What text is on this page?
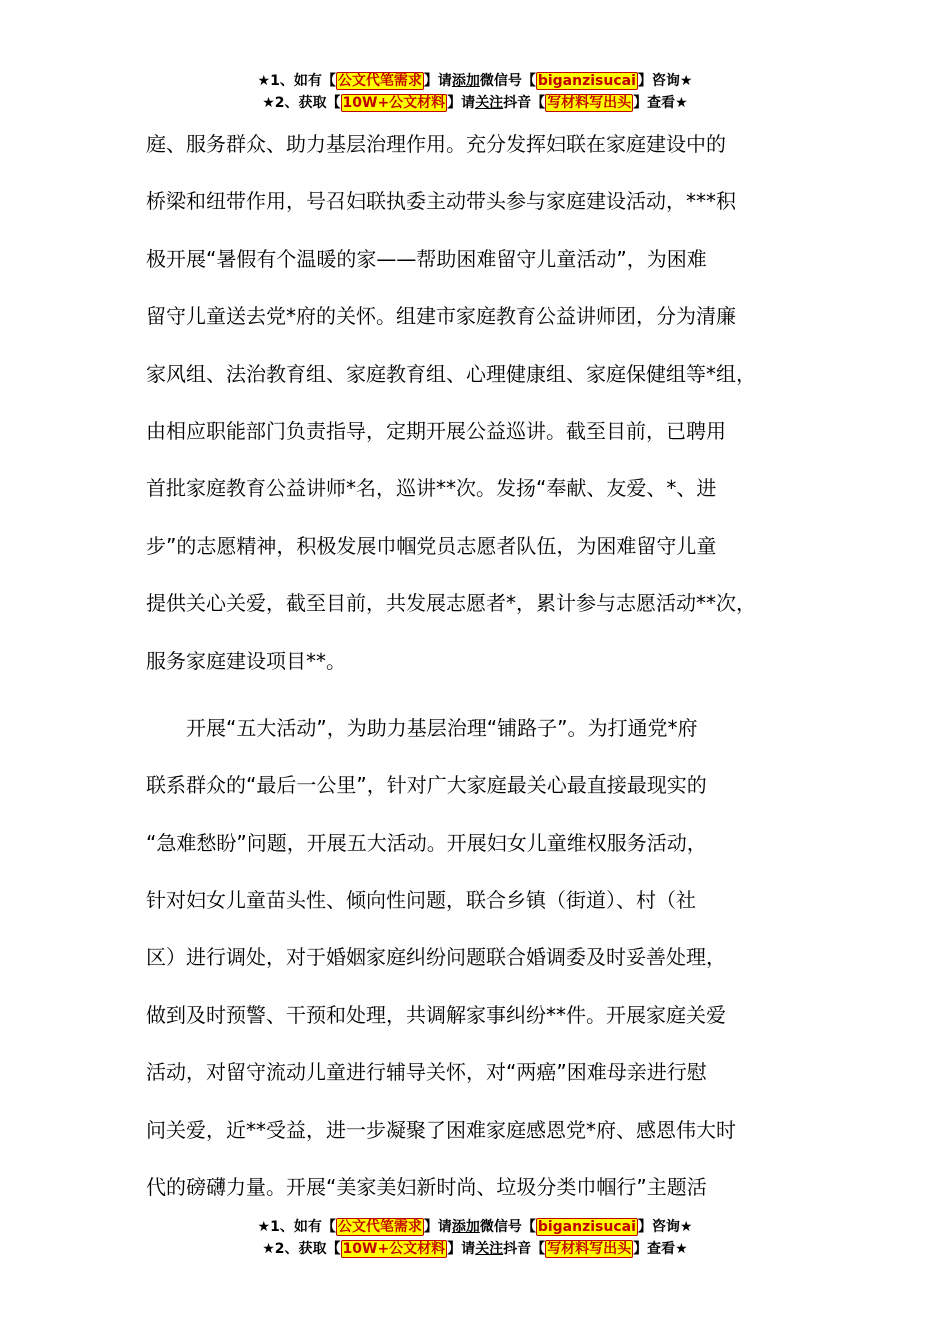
★1、如有【 公文代笔需求 】请添加微信号【 biganzisucai 】咨询★
★2、获取【 10W+公文材料 】请关注抖音【 写材料写出头 】查看★
庭、服务群众、助力基层治理作用。充分发挥妇联在家庭建设中的
桥梁和纽带作用，号召妇联执委主动带头参与家庭建设活动，***积
极开展“暑假有个温暖的家——帮助困难留守儿童活动”，为困难
留守儿童送去党*府的关怀。组建市家庭教育公益讲师团，分为清廉
家风组、法治教育组、家庭教育组、心理健康组、家庭保健组等*组，
由相应职能部门负责指导，定期开展公益巡讲。截至目前，已聘用
首批家庭教育公益讲师*名，巡讲**次。发扬“奉献、友爱、*、进
步”的志愿精神，积极发展巾帼党员志愿者队伍，为困难留守儿童
提供关心关爱，截至目前，共发展志愿者*，累计参与志愿活动**次，
服务家庭建设项目**。
　　开展“五大活动”，为助力基层治理“铺路子”。为打通党*府
联系群众的“最后一公里”，针对广大家庭最关心最直接最现实的
“急难愁盼”问题，开展五大活动。开展妇女儿童维权服务活动，
针对妇女儿童苗头性、倾向性问题，联合乡镇（街道）、村（社
区）进行调处，对于婚姻家庭纠纷问题联合婚调委及时妥善处理，
做到及时预警、干预和处理，共调解家事纠纷**件。开展家庭关爱
活动，对留守流动儿童进行辅导关怀，对“两癌”困难母亲进行慰
问关爱，近**受益，进一步凝聚了困难家庭感恩党*府、感恩伟大时
代的磅礴力量。开展“美家美妇新时尚、垃圾分类巾帼行”主题活
★1、如有【 公文代笔需求 】请添加微信号【 biganzisucai 】咨询★
★2、获取【 10W+公文材料 】请关注抖音【 写材料写出头 】查看★
